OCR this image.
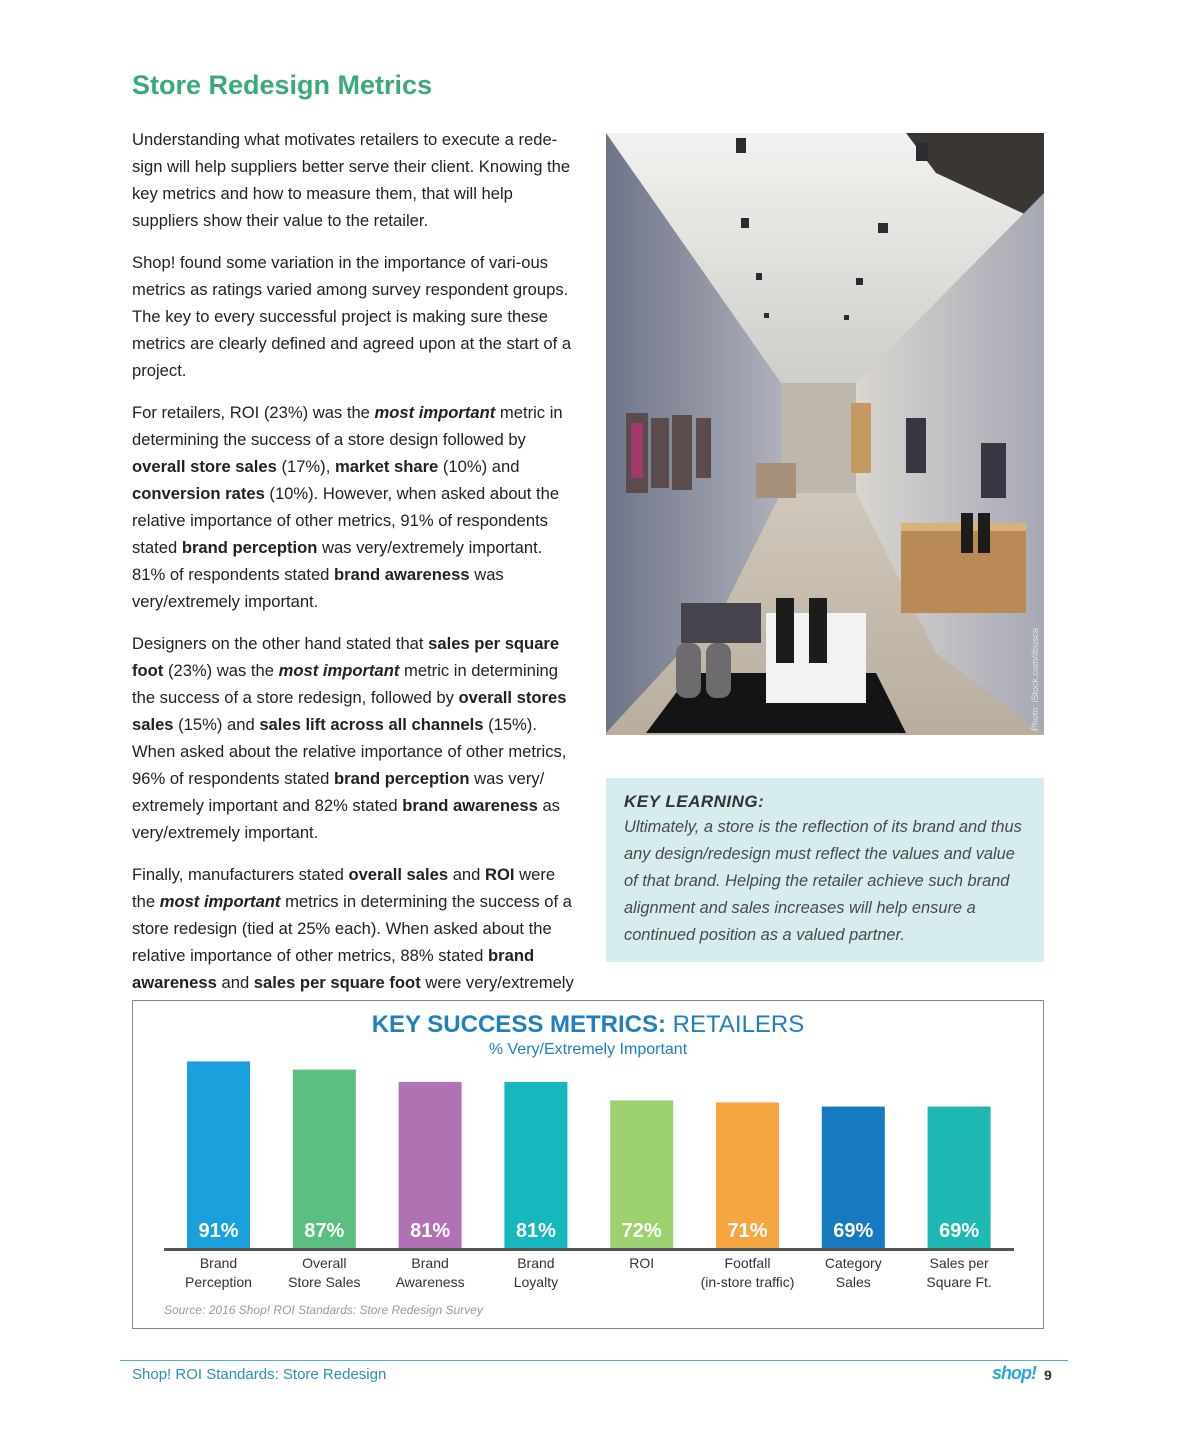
Store Redesign Metrics

Understanding what motivates retailers to execute a rede-sign will help suppliers better serve their client. Knowing the key metrics and how to measure them, that will help suppliers show their value to the retailer.

Shop! found some variation in the importance of vari-ous metrics as ratings varied among survey respondent groups. The key to every successful project is making sure these metrics are clearly defined and agreed upon at the start of a project.

For retailers, ROI (23%) was the most important metric in determining the success of a store design followed by overall store sales (17%), market share (10%) and conversion rates (10%). However, when asked about the relative importance of other metrics, 91% of respondents stated brand perception was very/extremely important. 81% of respondents stated brand awareness was very/extremely important.

Designers on the other hand stated that sales per square foot (23%) was the most important metric in determining the success of a store redesign, followed by overall stores sales (15%) and sales lift across all channels (15%). When asked about the relative importance of other metrics, 96% of respondents stated brand perception was very/ extremely important and 82% stated brand awareness as very/extremely important.

Finally, manufacturers stated overall sales and ROI were the most important metrics in determining the success of a store redesign (tied at 25% each). When asked about the relative importance of other metrics, 88% stated brand awareness and sales per square foot were very/extremely

Photo: iStock.com/ilbusca
KEY LEARNING:
Ultimately, a store is the reflection of its brand and thus any design/redesign must reflect the values and value of that brand. Helping the retailer achieve such brand alignment and sales increases will help ensure a continued position as a valued partner.
KEY SUCCESS METRICS: RETAILERS
% Very/Extremely Important
91%
Brand
Perception
87%
Overall
Store Sales
81%
Brand
Awareness
81%
Brand
Loyalty
72%
ROI
71%
Footfall
(in-store traffic)
69%
Category
Sales
69%
Sales per
Square Ft.
Source: 2016 Shop! ROI Standards: Store Redesign Survey
Shop! ROI Standards: Store Redesign	shop! 9
